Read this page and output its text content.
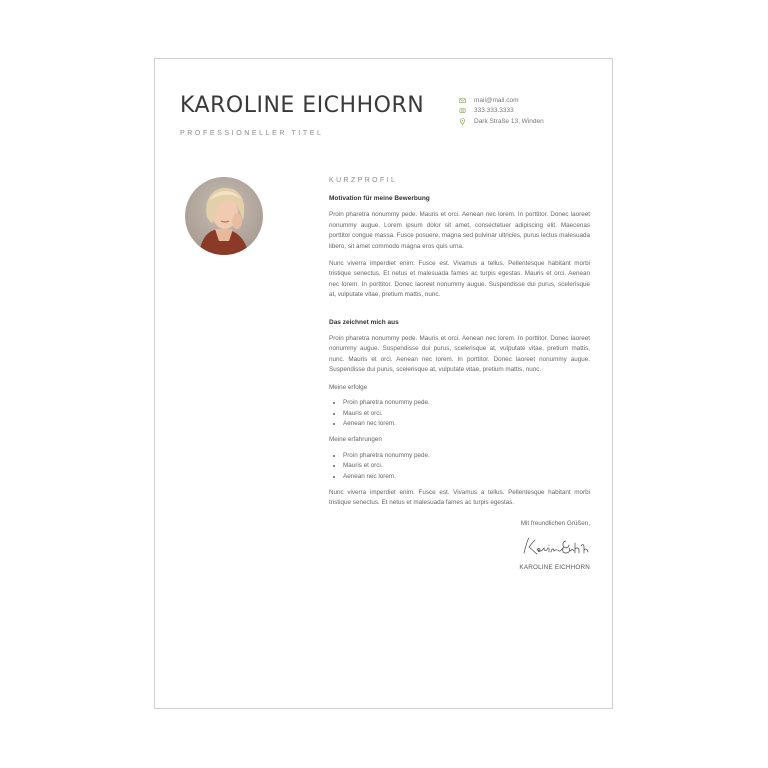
KAROLINE EICHHORN
PROFESSIONELLER TITEL
mail@mail.com
333.333.3333
Dark Straße 13, Winden
KURZPROFIL
Motivation für meine Bewerbung

Proin pharetra nonummy pede. Mauris et orci. Aenean nec lorem. In porttitor. Donec laoreet nonummy augue. Lorem ipsum dolor sit amet, consectetuer adipiscing elit. Maecenas porttitor congue massa. Fusce posuere, magna sed pulvinar ultricies, purus lectus malesuada libero, sit amet commodo magna eros quis urna.

Nunc viverra imperdiet enim. Fusce est. Vivamus a tellus. Pellentesque habitant morbi tristique senectus. Et netus et malesuada fames ac turpis egestas. Mauris et orci. Aenean nec lorem. In porttitor. Donec laoreet nonummy augue. Suspendisse dui purus, scelerisque at, vulputate vitae, pretium mattis, nunc.

Das zeichnet mich aus

Proin pharetra nonummy pede. Mauris et orci. Aenean nec lorem. In porttitor. Donec laoreet nonummy augue. Suspendisse dui purus, scelerisque at, vulputate vitae, pretium mattis, nunc. Mauris et orci. Aenean nec lorem. In porttitor. Donec laoreet nonummy augue. Suspendisse dui purus, scelerisque at, vulputate vitae, pretium mattis, nunc.

Meine erfolge
• Proin pharetra nonummy pede.
• Mauris et orci.
• Aenean nec lorem.
Meine erfahrungen
• Proin pharetra nonummy pede.
• Mauris et orci.
• Aenean nec lorem.

Nunc viverra imperdiet enim. Fusce est. Vivamus a tellus. Pellentesque habitant morbi tristique senectus. Et netus et malesuada fames ac turpis egestas.

Mit freundlichen Grüßen,
KAROLINE EICHHORN
